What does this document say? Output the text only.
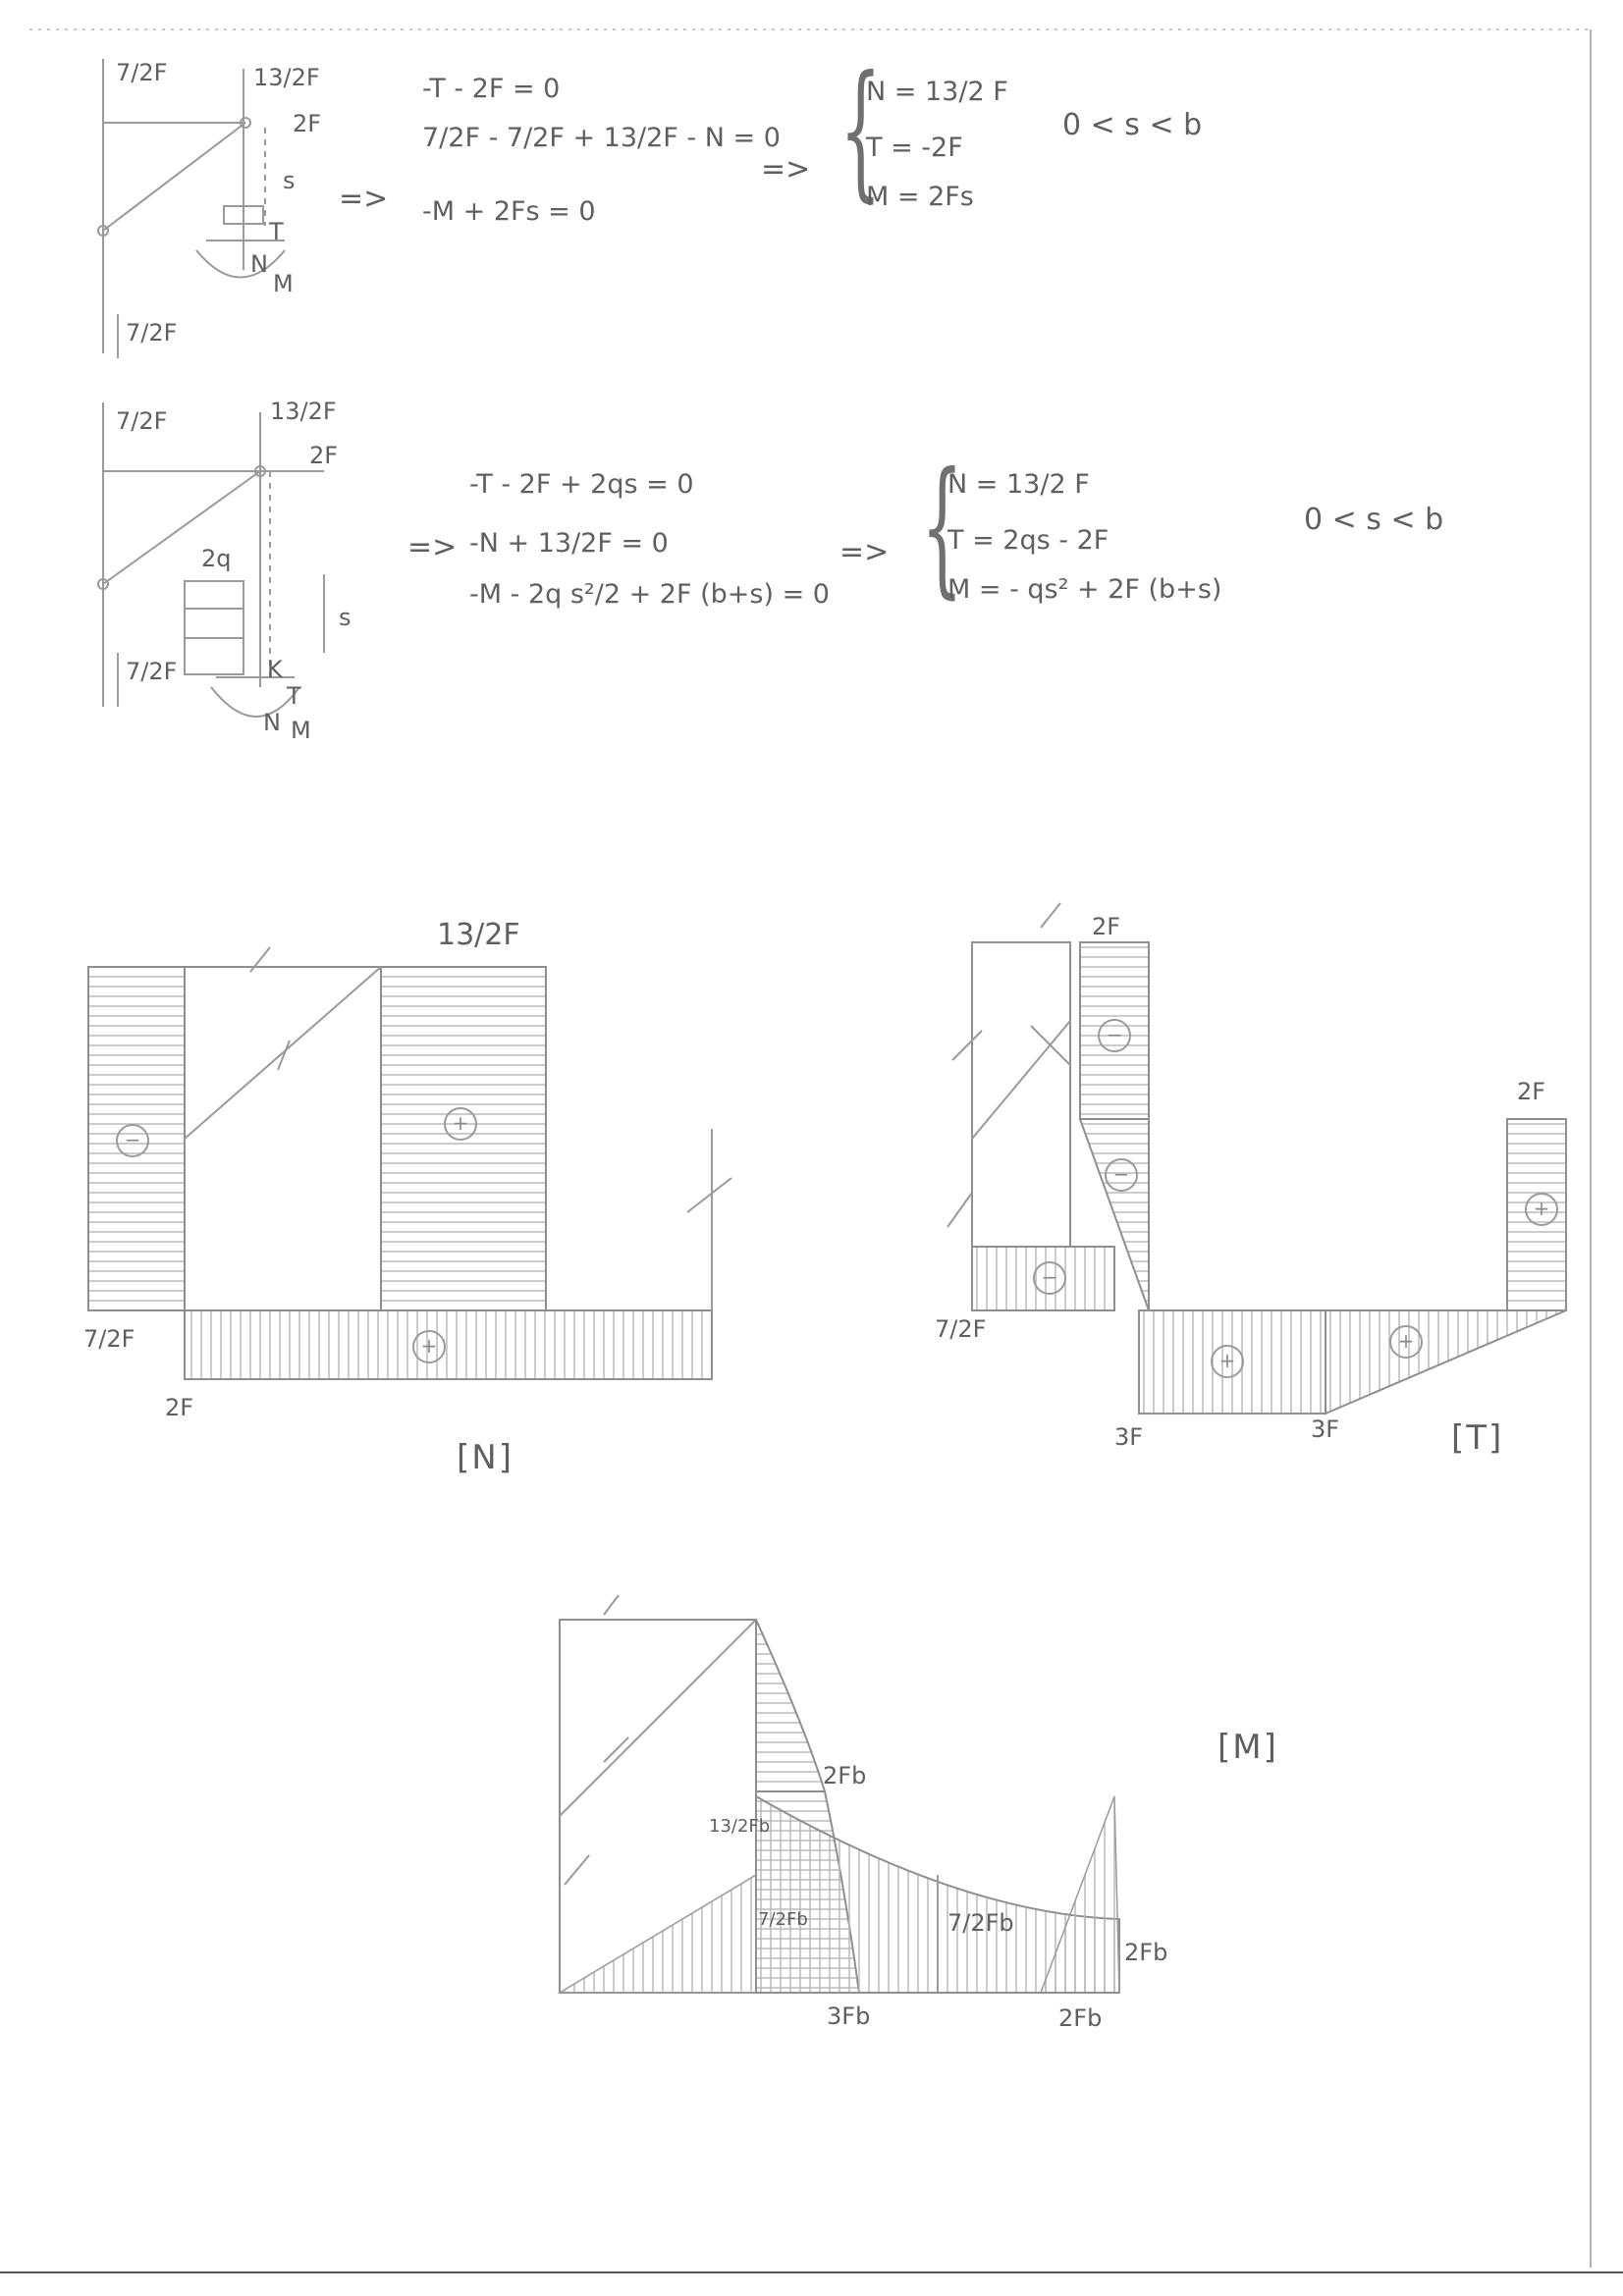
7/2F	13/2F
2F
s
T
N
M
7/2F
=>
-T - 2F = 0
7/2F - 7/2F + 13/2F - N = 0
-M + 2Fs = 0
=> {
N = 13/2 F
T = -2F
M = 2Fs
0 < s < b
7/2F	13/2F
2F
2q
s
K
T
N M
7/2F
=>
-T - 2F + 2qs = 0
-N + 13/2F = 0
-M - 2q s²/2 + 2F (b+s) = 0
=> {
N = 13/2 F
T = 2qs - 2F
M = - qs² + 2F (b+s)
0 < s < b
13/2F
7/2F
2F
−
+
+
[N]
2F
2F
7/2F
3F	3F
−
−
−
+
+
+
[T]
2Fb
13/2Fb
7/2Fb	7/2Fb
2Fb
3Fb	2Fb
[M]
